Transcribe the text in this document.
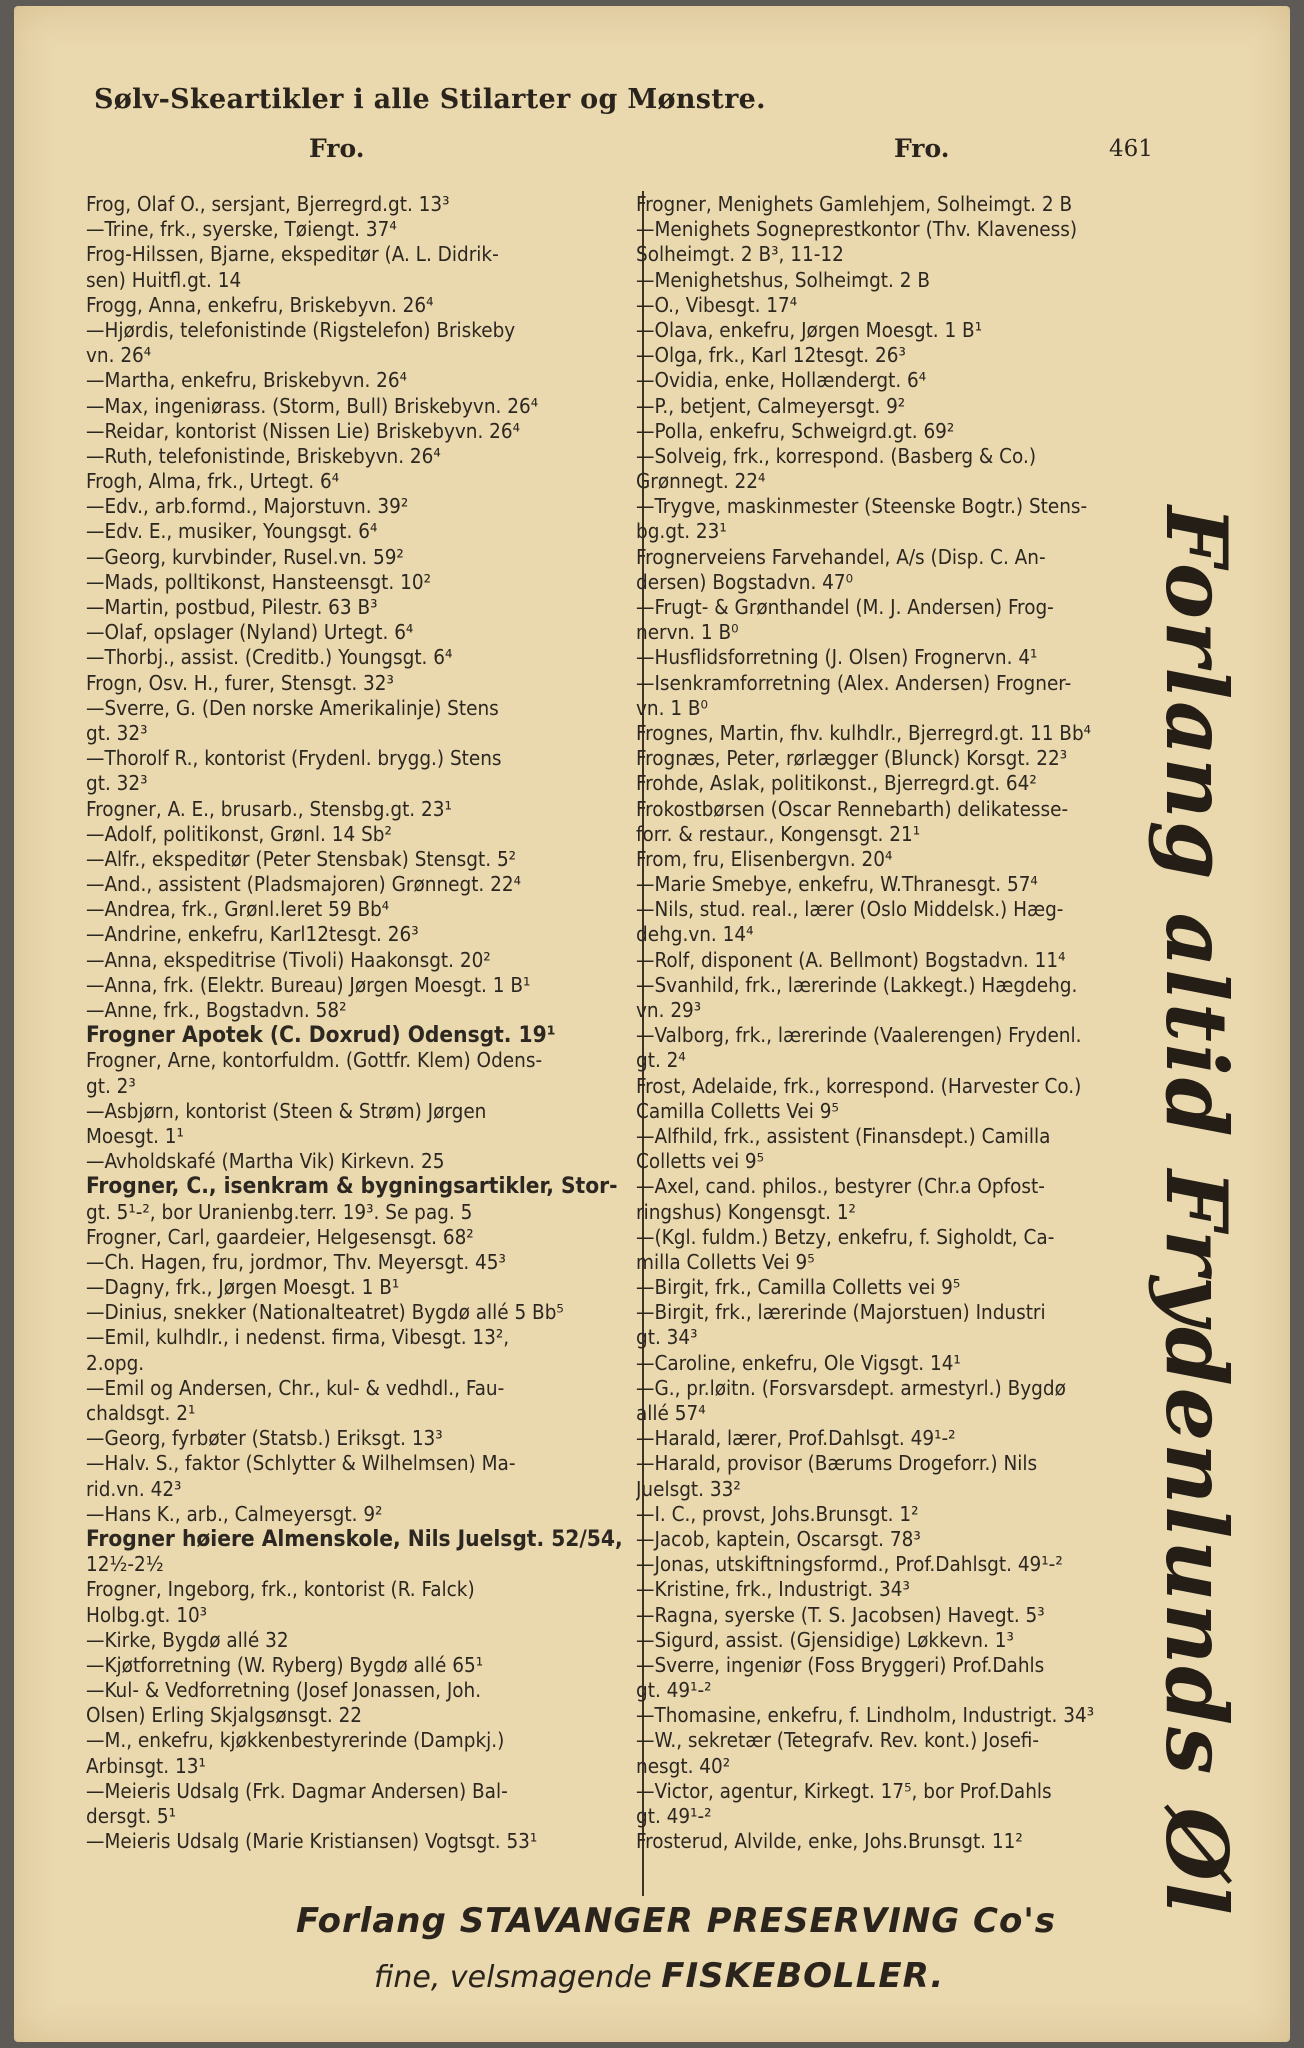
Sølv-Skeartikler i alle Stilarter og Mønstre.
Fro.	Fro.	461
Frog, Olaf O., sersjant, Bjerregrd.gt. 13³
—Trine, frk., syerske, Tøiengt. 37⁴
Frog-Hilssen, Bjarne, ekspeditør (A. L. Didrik-
sen) Huitfl.gt. 14
Frogg, Anna, enkefru, Briskebyvn. 26⁴
—Hjørdis, telefonistinde (Rigstelefon) Briskeby
vn. 26⁴
—Martha, enkefru, Briskebyvn. 26⁴
—Max, ingeniørass. (Storm, Bull) Briskebyvn. 26⁴
—Reidar, kontorist (Nissen Lie) Briskebyvn. 26⁴
—Ruth, telefonistinde, Briskebyvn. 26⁴
Frogh, Alma, frk., Urtegt. 6⁴
—Edv., arb.formd., Majorstuvn. 39²
—Edv. E., musiker, Youngsgt. 6⁴
—Georg, kurvbinder, Rusel.vn. 59²
—Mads, polltikonst, Hansteensgt. 10²
—Martin, postbud, Pilestr. 63 B³
—Olaf, opslager (Nyland) Urtegt. 6⁴
—Thorbj., assist. (Creditb.) Youngsgt. 6⁴
Frogn, Osv. H., furer, Stensgt. 32³
—Sverre, G. (Den norske Amerikalinje) Stens
gt. 32³
—Thorolf R., kontorist (Frydenl. brygg.) Stens
gt. 32³
Frogner, A. E., brusarb., Stensbg.gt. 23¹
—Adolf, politikonst, Grønl. 14 Sb²
—Alfr., ekspeditør (Peter Stensbak) Stensgt. 5²
—And., assistent (Pladsmajoren) Grønnegt. 22⁴
—Andrea, frk., Grønl.leret 59 Bb⁴
—Andrine, enkefru, Karl12tesgt. 26³
—Anna, ekspeditrise (Tivoli) Haakonsgt. 20²
—Anna, frk. (Elektr. Bureau) Jørgen Moesgt. 1 B¹
—Anne, frk., Bogstadvn. 58²
Frogner Apotek (C. Doxrud) Odensgt. 19¹
Frogner, Arne, kontorfuldm. (Gottfr. Klem) Odens-
gt. 2³
—Asbjørn, kontorist (Steen & Strøm) Jørgen
Moesgt. 1¹
—Avholdskafé (Martha Vik) Kirkevn. 25
Frogner, C., isenkram & bygningsartikler, Stor-
gt. 5¹-², bor Uranienbg.terr. 19³. Se pag. 5
Frogner, Carl, gaardeier, Helgesensgt. 68²
—Ch. Hagen, fru, jordmor, Thv. Meyersgt. 45³
—Dagny, frk., Jørgen Moesgt. 1 B¹
—Dinius, snekker (Nationalteatret) Bygdø allé 5 Bb⁵
—Emil, kulhdlr., i nedenst. firma, Vibesgt. 13²,
2.opg.
—Emil og Andersen, Chr., kul- & vedhdl., Fau-
chaldsgt. 2¹
—Georg, fyrbøter (Statsb.) Eriksgt. 13³
—Halv. S., faktor (Schlytter & Wilhelmsen) Ma-
rid.vn. 42³
—Hans K., arb., Calmeyersgt. 9²
Frogner høiere Almenskole, Nils Juelsgt. 52/54,
12½-2½
Frogner, Ingeborg, frk., kontorist (R. Falck)
Holbg.gt. 10³
—Kirke, Bygdø allé 32
—Kjøtforretning (W. Ryberg) Bygdø allé 65¹
—Kul- & Vedforretning (Josef Jonassen, Joh.
Olsen) Erling Skjalgsønsgt. 22
—M., enkefru, kjøkkenbestyrerinde (Dampkj.)
Arbinsgt. 13¹
—Meieris Udsalg (Frk. Dagmar Andersen) Bal-
dersgt. 5¹
—Meieris Udsalg (Marie Kristiansen) Vogtsgt. 53¹
Frogner, Menighets Gamlehjem, Solheimgt. 2 B
—Menighets Sogneprestkontor (Thv. Klaveness)
Solheimgt. 2 B³, 11-12
—Menighetshus, Solheimgt. 2 B
—O., Vibesgt. 17⁴
—Olava, enkefru, Jørgen Moesgt. 1 B¹
—Olga, frk., Karl 12tesgt. 26³
—Ovidia, enke, Hollændergt. 6⁴
—P., betjent, Calmeyersgt. 9²
—Polla, enkefru, Schweigrd.gt. 69²
—Solveig, frk., korrespond. (Basberg & Co.)
Grønnegt. 22⁴
—Trygve, maskinmester (Steenske Bogtr.) Stens-
bg.gt. 23¹
Frognerveiens Farvehandel, A/s (Disp. C. An-
dersen) Bogstadvn. 47⁰
—Frugt- & Grønthandel (M. J. Andersen) Frog-
nervn. 1 B⁰
—Husflidsforretning (J. Olsen) Frognervn. 4¹
—Isenkramforretning (Alex. Andersen) Frogner-
vn. 1 B⁰
Frognes, Martin, fhv. kulhdlr., Bjerregrd.gt. 11 Bb⁴
Frognæs, Peter, rørlægger (Blunck) Korsgt. 22³
Frohde, Aslak, politikonst., Bjerregrd.gt. 64²
Frokostbørsen (Oscar Rennebarth) delikatesse-
forr. & restaur., Kongensgt. 21¹
From, fru, Elisenbergvn. 20⁴
—Marie Smebye, enkefru, W.Thranesgt. 57⁴
—Nils, stud. real., lærer (Oslo Middelsk.) Hæg-
dehg.vn. 14⁴
—Rolf, disponent (A. Bellmont) Bogstadvn. 11⁴
—Svanhild, frk., lærerinde (Lakkegt.) Hægdehg.
vn. 29³
—Valborg, frk., lærerinde (Vaalerengen) Frydenl.
gt. 2⁴
Frost, Adelaide, frk., korrespond. (Harvester Co.)
Camilla Colletts Vei 9⁵
—Alfhild, frk., assistent (Finansdept.) Camilla
Colletts vei 9⁵
—Axel, cand. philos., bestyrer (Chr.a Opfost-
ringshus) Kongensgt. 1²
—(Kgl. fuldm.) Betzy, enkefru, f. Sigholdt, Ca-
milla Colletts Vei 9⁵
—Birgit, frk., Camilla Colletts vei 9⁵
—Birgit, frk., lærerinde (Majorstuen) Industri
gt. 34³
—Caroline, enkefru, Ole Vigsgt. 14¹
—G., pr.løitn. (Forsvarsdept. armestyrl.) Bygdø
allé 57⁴
—Harald, lærer, Prof.Dahlsgt. 49¹-²
—Harald, provisor (Bærums Drogeforr.) Nils
Juelsgt. 33²
—I. C., provst, Johs.Brunsgt. 1²
—Jacob, kaptein, Oscarsgt. 78³
—Jonas, utskiftningsformd., Prof.Dahlsgt. 49¹-²
—Kristine, frk., Industrigt. 34³
—Ragna, syerske (T. S. Jacobsen) Havegt. 5³
—Sigurd, assist. (Gjensidige) Løkkevn. 1³
—Sverre, ingeniør (Foss Bryggeri) Prof.Dahls
gt. 49¹-²
—Thomasine, enkefru, f. Lindholm, Industrigt. 34³
—W., sekretær (Tetegrafv. Rev. kont.) Josefi-
nesgt. 40²
—Victor, agentur, Kirkegt. 17⁵, bor Prof.Dahls
gt. 49¹-²
Frosterud, Alvilde, enke, Johs.Brunsgt. 11²	Forlang altid Frydenlunds Øl
Forlang STAVANGER PRESERVING Co's
fine, velsmagende FISKEBOLLER.
